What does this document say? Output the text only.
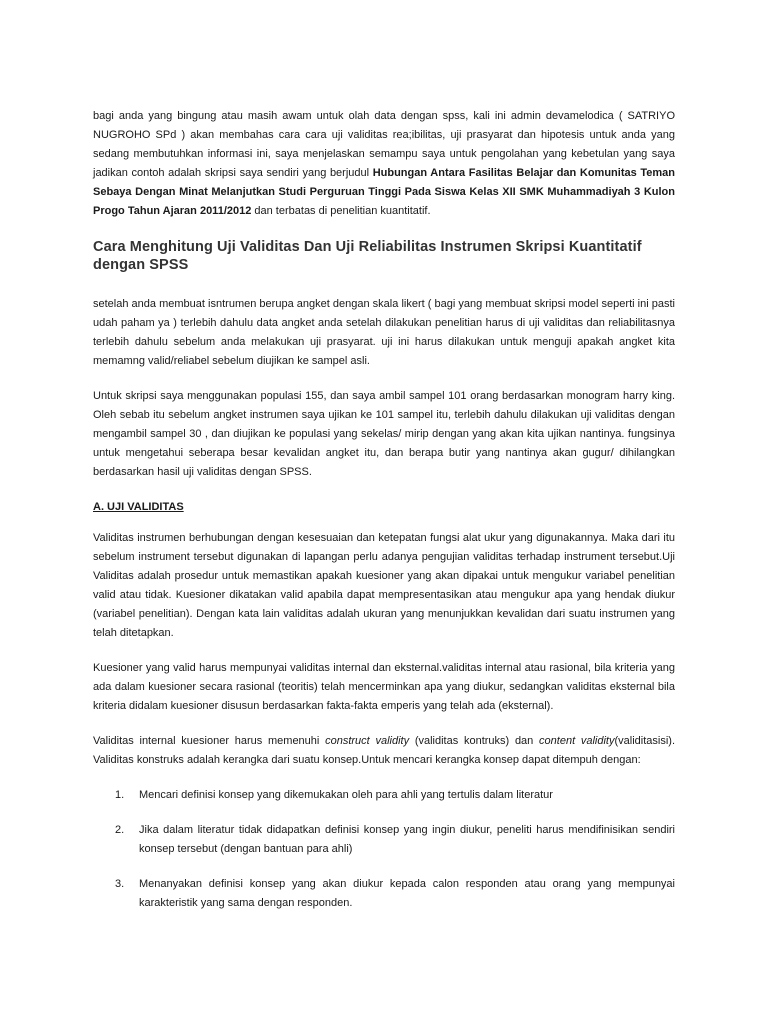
bagi anda yang bingung atau masih awam untuk olah data dengan spss, kali ini admin devamelodica ( SATRIYO NUGROHO SPd ) akan membahas cara cara uji validitas rea;ibilitas, uji prasyarat dan hipotesis untuk anda yang sedang membutuhkan informasi ini, saya menjelaskan semampu saya untuk pengolahan yang kebetulan yang saya jadikan contoh adalah skripsi saya sendiri yang berjudul Hubungan Antara Fasilitas Belajar dan Komunitas Teman Sebaya Dengan Minat Melanjutkan Studi Perguruan Tinggi Pada Siswa Kelas XII SMK Muhammadiyah 3 Kulon Progo Tahun Ajaran 2011/2012 dan terbatas di penelitian kuantitatif.

Cara Menghitung Uji Validitas Dan Uji Reliabilitas Instrumen Skripsi Kuantitatif dengan SPSS

setelah anda membuat isntrumen berupa angket dengan skala likert ( bagi yang membuat skripsi model seperti ini pasti udah paham ya ) terlebih dahulu data angket anda setelah dilakukan penelitian harus di uji validitas dan reliabilitasnya terlebih dahulu sebelum anda melakukan uji prasyarat. uji ini harus dilakukan untuk menguji apakah angket kita memamng valid/reliabel sebelum diujikan ke sampel asli.

Untuk skripsi saya menggunakan populasi 155, dan saya ambil sampel 101 orang berdasarkan monogram harry king. Oleh sebab itu sebelum angket instrumen saya ujikan ke 101 sampel itu, terlebih dahulu dilakukan uji validitas dengan mengambil sampel 30 , dan diujikan ke populasi yang sekelas/ mirip dengan yang akan kita ujikan nantinya. fungsinya untuk mengetahui seberapa besar kevalidan angket itu, dan berapa butir yang nantinya akan gugur/ dihilangkan berdasarkan hasil uji validitas dengan SPSS.

A. UJI VALIDITAS

Validitas instrumen berhubungan dengan kesesuaian dan ketepatan fungsi alat ukur yang digunakannya. Maka dari itu sebelum instrument tersebut digunakan di lapangan perlu adanya pengujian validitas terhadap instrument tersebut.Uji Validitas adalah prosedur untuk memastikan apakah kuesioner yang akan dipakai untuk mengukur variabel penelitian valid atau tidak. Kuesioner dikatakan valid apabila dapat mempresentasikan atau mengukur apa yang hendak diukur (variabel penelitian). Dengan kata lain validitas adalah ukuran yang menunjukkan kevalidan dari suatu instrumen yang telah ditetapkan.

Kuesioner yang valid harus mempunyai validitas internal dan eksternal.validitas internal atau rasional, bila kriteria yang ada dalam kuesioner secara rasional (teoritis) telah mencerminkan apa yang diukur, sedangkan validitas eksternal bila kriteria didalam kuesioner disusun berdasarkan fakta-fakta emperis yang telah ada (eksternal).

Validitas internal kuesioner harus memenuhi construct validity (validitas kontruks) dan content validity(validitasisi). Validitas konstruks adalah kerangka dari suatu konsep.Untuk mencari kerangka konsep dapat ditempuh dengan:

1. Mencari definisi konsep yang dikemukakan oleh para ahli yang tertulis dalam literatur
2. Jika dalam literatur tidak didapatkan definisi konsep yang ingin diukur, peneliti harus mendifinisikan sendiri konsep tersebut (dengan bantuan para ahli)
3. Menanyakan definisi konsep yang akan diukur kepada calon responden atau orang yang mempunyai karakteristik yang sama dengan responden.
